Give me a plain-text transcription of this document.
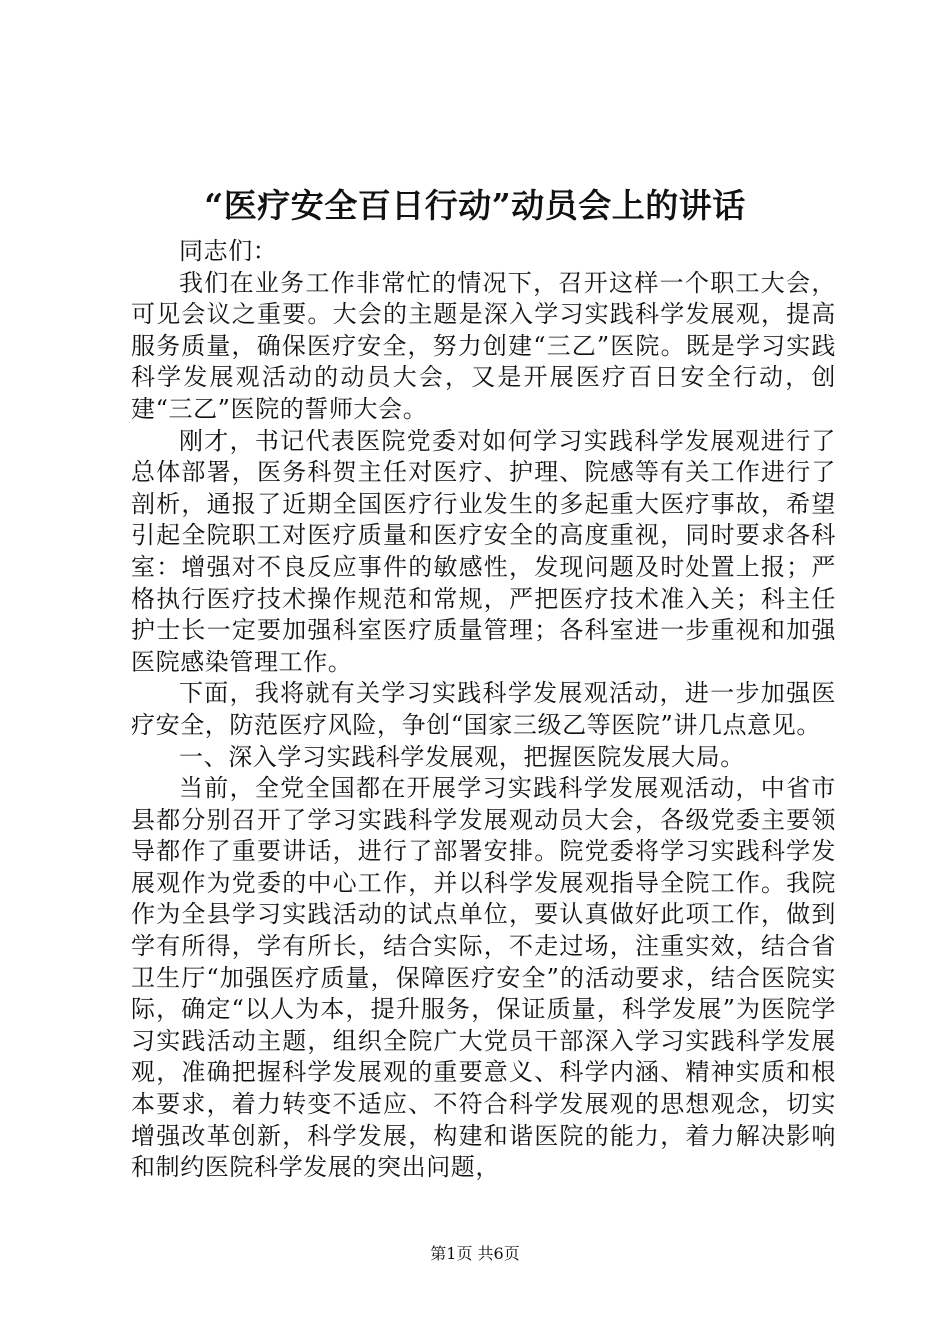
“医疗安全百日行动”动员会上的讲话

同志们：

我们在业务工作非常忙的情况下，召开这样一个职工大会，可见会议之重要。大会的主题是深入学习实践科学发展观，提高服务质量，确保医疗安全，努力创建“三乙”医院。既是学习实践科学发展观活动的动员大会，又是开展医疗百日安全行动，创建“三乙”医院的誓师大会。

刚才，书记代表医院党委对如何学习实践科学发展观进行了总体部署，医务科贺主任对医疗、护理、院感等有关工作进行了剖析，通报了近期全国医疗行业发生的多起重大医疗事故，希望引起全院职工对医疗质量和医疗安全的高度重视，同时要求各科室：增强对不良反应事件的敏感性，发现问题及时处置上报；严格执行医疗技术操作规范和常规，严把医疗技术准入关；科主任护士长一定要加强科室医疗质量管理；各科室进一步重视和加强医院感染管理工作。

下面，我将就有关学习实践科学发展观活动，进一步加强医疗安全，防范医疗风险，争创“国家三级乙等医院”讲几点意见。

一、深入学习实践科学发展观，把握医院发展大局。

当前，全党全国都在开展学习实践科学发展观活动，中省市县都分别召开了学习实践科学发展观动员大会，各级党委主要领导都作了重要讲话，进行了部署安排。院党委将学习实践科学发展观作为党委的中心工作，并以科学发展观指导全院工作。我院作为全县学习实践活动的试点单位，要认真做好此项工作，做到学有所得，学有所长，结合实际，不走过场，注重实效，结合省卫生厅“加强医疗质量，保障医疗安全”的活动要求，结合医院实际，确定“以人为本，提升服务，保证质量，科学发展”为医院学习实践活动主题，组织全院广大党员干部深入学习实践科学发展观，准确把握科学发展观的重要意义、科学内涵、精神实质和根本要求，着力转变不适应、不符合科学发展观的思想观念，切实增强改革创新，科学发展，构建和谐医院的能力，着力解决影响和制约医院科学发展的突出问题，

第1页 共6页
